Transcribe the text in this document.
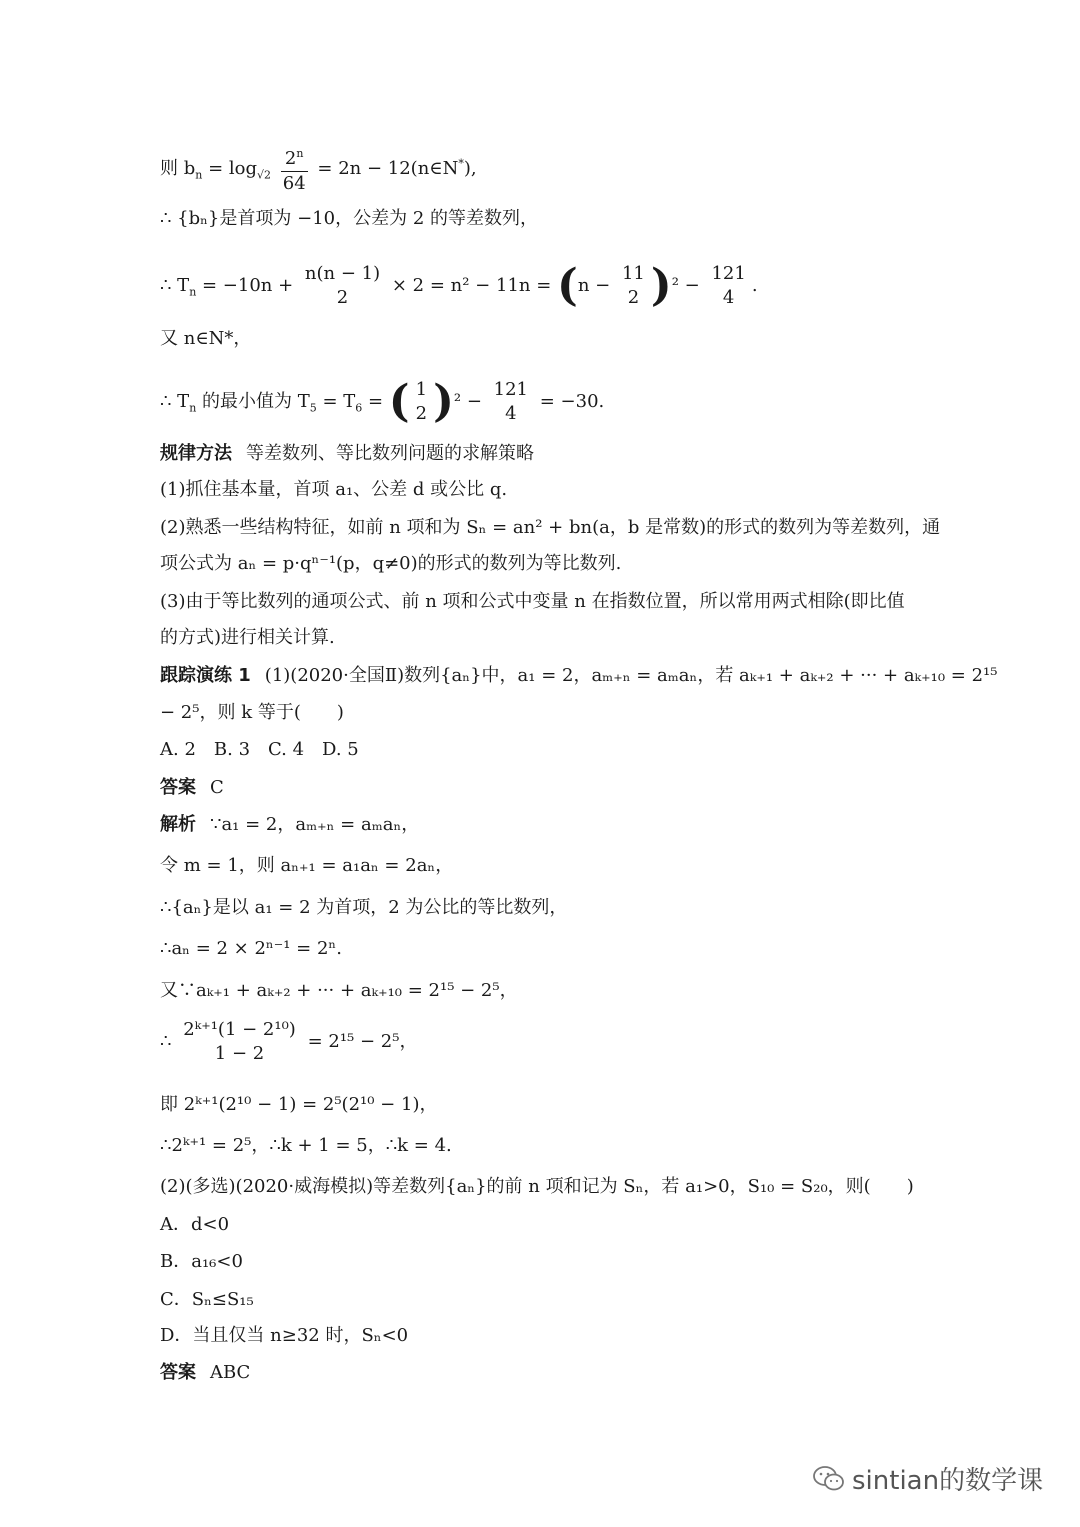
则 $b_n = \log_{√2} \frac{2^n}{64} = 2n$ − 12(n∈N*),
∴ {bₙ}是首项为 −10，公差为 2 的等差数列，
∴ $T_n = -10n$ +
n(n − 1)
2
× 2 = n² − 11n = (n −
11
2 )² −
121
4
.
又 n∈N*，
∴ $T_n$ 的最小值为 $T_5 = T_6$ = ( 1
2 )² −
121
4
= −30.
规律方法 等差数列、等比数列问题的求解策略
(1)抓住基本量，首项 a₁、公差 d 或公比 q.
(2)熟悉一些结构特征，如前 n 项和为 Sₙ = an² + bn(a，b 是常数)的形式的数列为等差数列，通
项公式为 aₙ = p·qⁿ⁻¹(p，q≠0)的形式的数列为等比数列.
(3)由于等比数列的通项公式、前 n 项和公式中变量 n 在指数位置，所以常用两式相除(即比值
的方式)进行相关计算.
跟踪演练 1 (1)(2020·全国Ⅱ)数列{aₙ}中，a₁ = 2，aₘ₊ₙ = aₘaₙ，若 aₖ₊₁ + aₖ₊₂ + ··· + aₖ₊₁₀ = 2¹⁵
− 2⁵，则 k 等于(　　)
A. 2　B. 3　C. 4　D. 5
答案 C
解析 ∵a₁ = 2，aₘ₊ₙ = aₘaₙ，
令 m = 1，则 aₙ₊₁ = a₁aₙ = 2aₙ，
∴{aₙ}是以 a₁ = 2 为首项，2 为公比的等比数列，
∴aₙ = 2 × 2ⁿ⁻¹ = 2ⁿ.
又∵aₖ₊₁ + aₖ₊₂ + ··· + aₖ₊₁₀ = 2¹⁵ − 2⁵，
∴
2ᵏ⁺¹(1 − 2¹⁰)
1 − 2
= 2¹⁵ − 2⁵，
即 2ᵏ⁺¹(2¹⁰ − 1) = 2⁵(2¹⁰ − 1)，
∴2ᵏ⁺¹ = 2⁵，∴k + 1 = 5，∴k = 4.
(2)(多选)(2020·威海模拟)等差数列{aₙ}的前 n 项和记为 Sₙ，若 a₁>0，S₁₀ = S₂₀，则(　　)
A．d<0
B．a₁₆<0
C．Sₙ≤S₁₅
D．当且仅当 n≥32 时，Sₙ<0
答案 ABC
sintian的数学课
